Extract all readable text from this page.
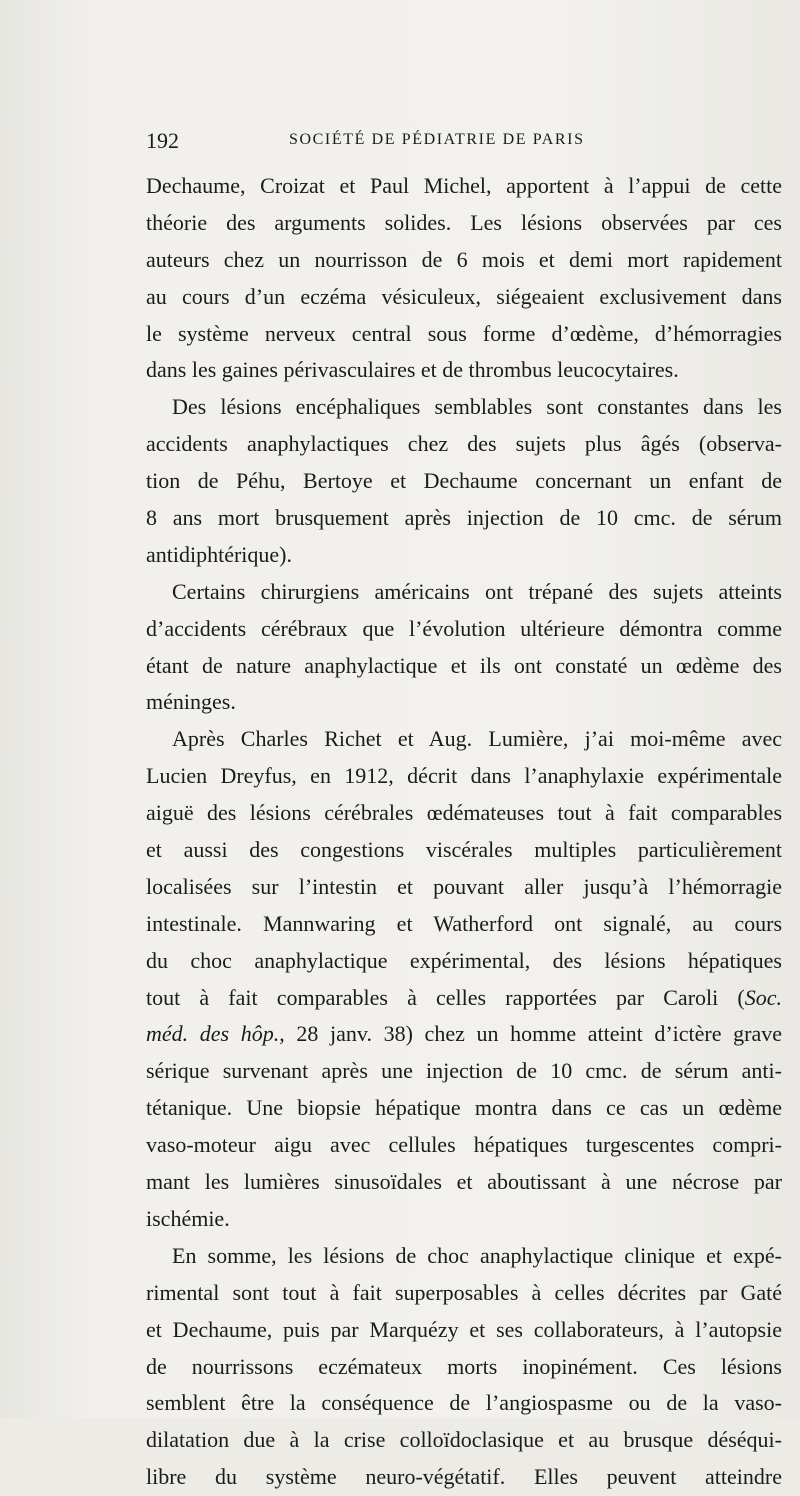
192	SOCIÉTÉ DE PÉDIATRIE DE PARIS
Dechaume, Croizat et Paul Michel, apportent à l’appui de cette
théorie des arguments solides. Les lésions observées par ces
auteurs chez un nourrisson de 6 mois et demi mort rapidement
au cours d’un eczéma vésiculeux, siégeaient exclusivement dans
le système nerveux central sous forme d’œdème, d’hémorragies
dans les gaines périvasculaires et de thrombus leucocytaires.
Des lésions encéphaliques semblables sont constantes dans les
accidents anaphylactiques chez des sujets plus âgés (observa-
tion de Péhu, Bertoye et Dechaume concernant un enfant de
8 ans mort brusquement après injection de 10 cmc. de sérum
antidiphtérique).
Certains chirurgiens américains ont trépané des sujets atteints
d’accidents cérébraux que l’évolution ultérieure démontra comme
étant de nature anaphylactique et ils ont constaté un œdème des
méninges.
Après Charles Richet et Aug. Lumière, j’ai moi-même avec
Lucien Dreyfus, en 1912, décrit dans l’anaphylaxie expérimentale
aiguë des lésions cérébrales œdémateuses tout à fait comparables
et aussi des congestions viscérales multiples particulièrement
localisées sur l’intestin et pouvant aller jusqu’à l’hémorragie
intestinale. Mannwaring et Watherford ont signalé, au cours
du choc anaphylactique expérimental, des lésions hépatiques
tout à fait comparables à celles rapportées par Caroli (Soc.
méd. des hôp., 28 janv. 38) chez un homme atteint d’ictère grave
sérique survenant après une injection de 10 cmc. de sérum anti-
tétanique. Une biopsie hépatique montra dans ce cas un œdème
vaso-moteur aigu avec cellules hépatiques turgescentes compri-
mant les lumières sinusoïdales et aboutissant à une nécrose par
ischémie.
En somme, les lésions de choc anaphylactique clinique et expé-
rimental sont tout à fait superposables à celles décrites par Gaté
et Dechaume, puis par Marquézy et ses collaborateurs, à l’autopsie
de nourrissons eczémateux morts inopinément. Ces lésions
semblent être la conséquence de l’angiospasme ou de la vaso-
dilatation due à la crise colloïdoclasique et au brusque déséqui-
libre du système neuro-végétatif. Elles peuvent atteindre
